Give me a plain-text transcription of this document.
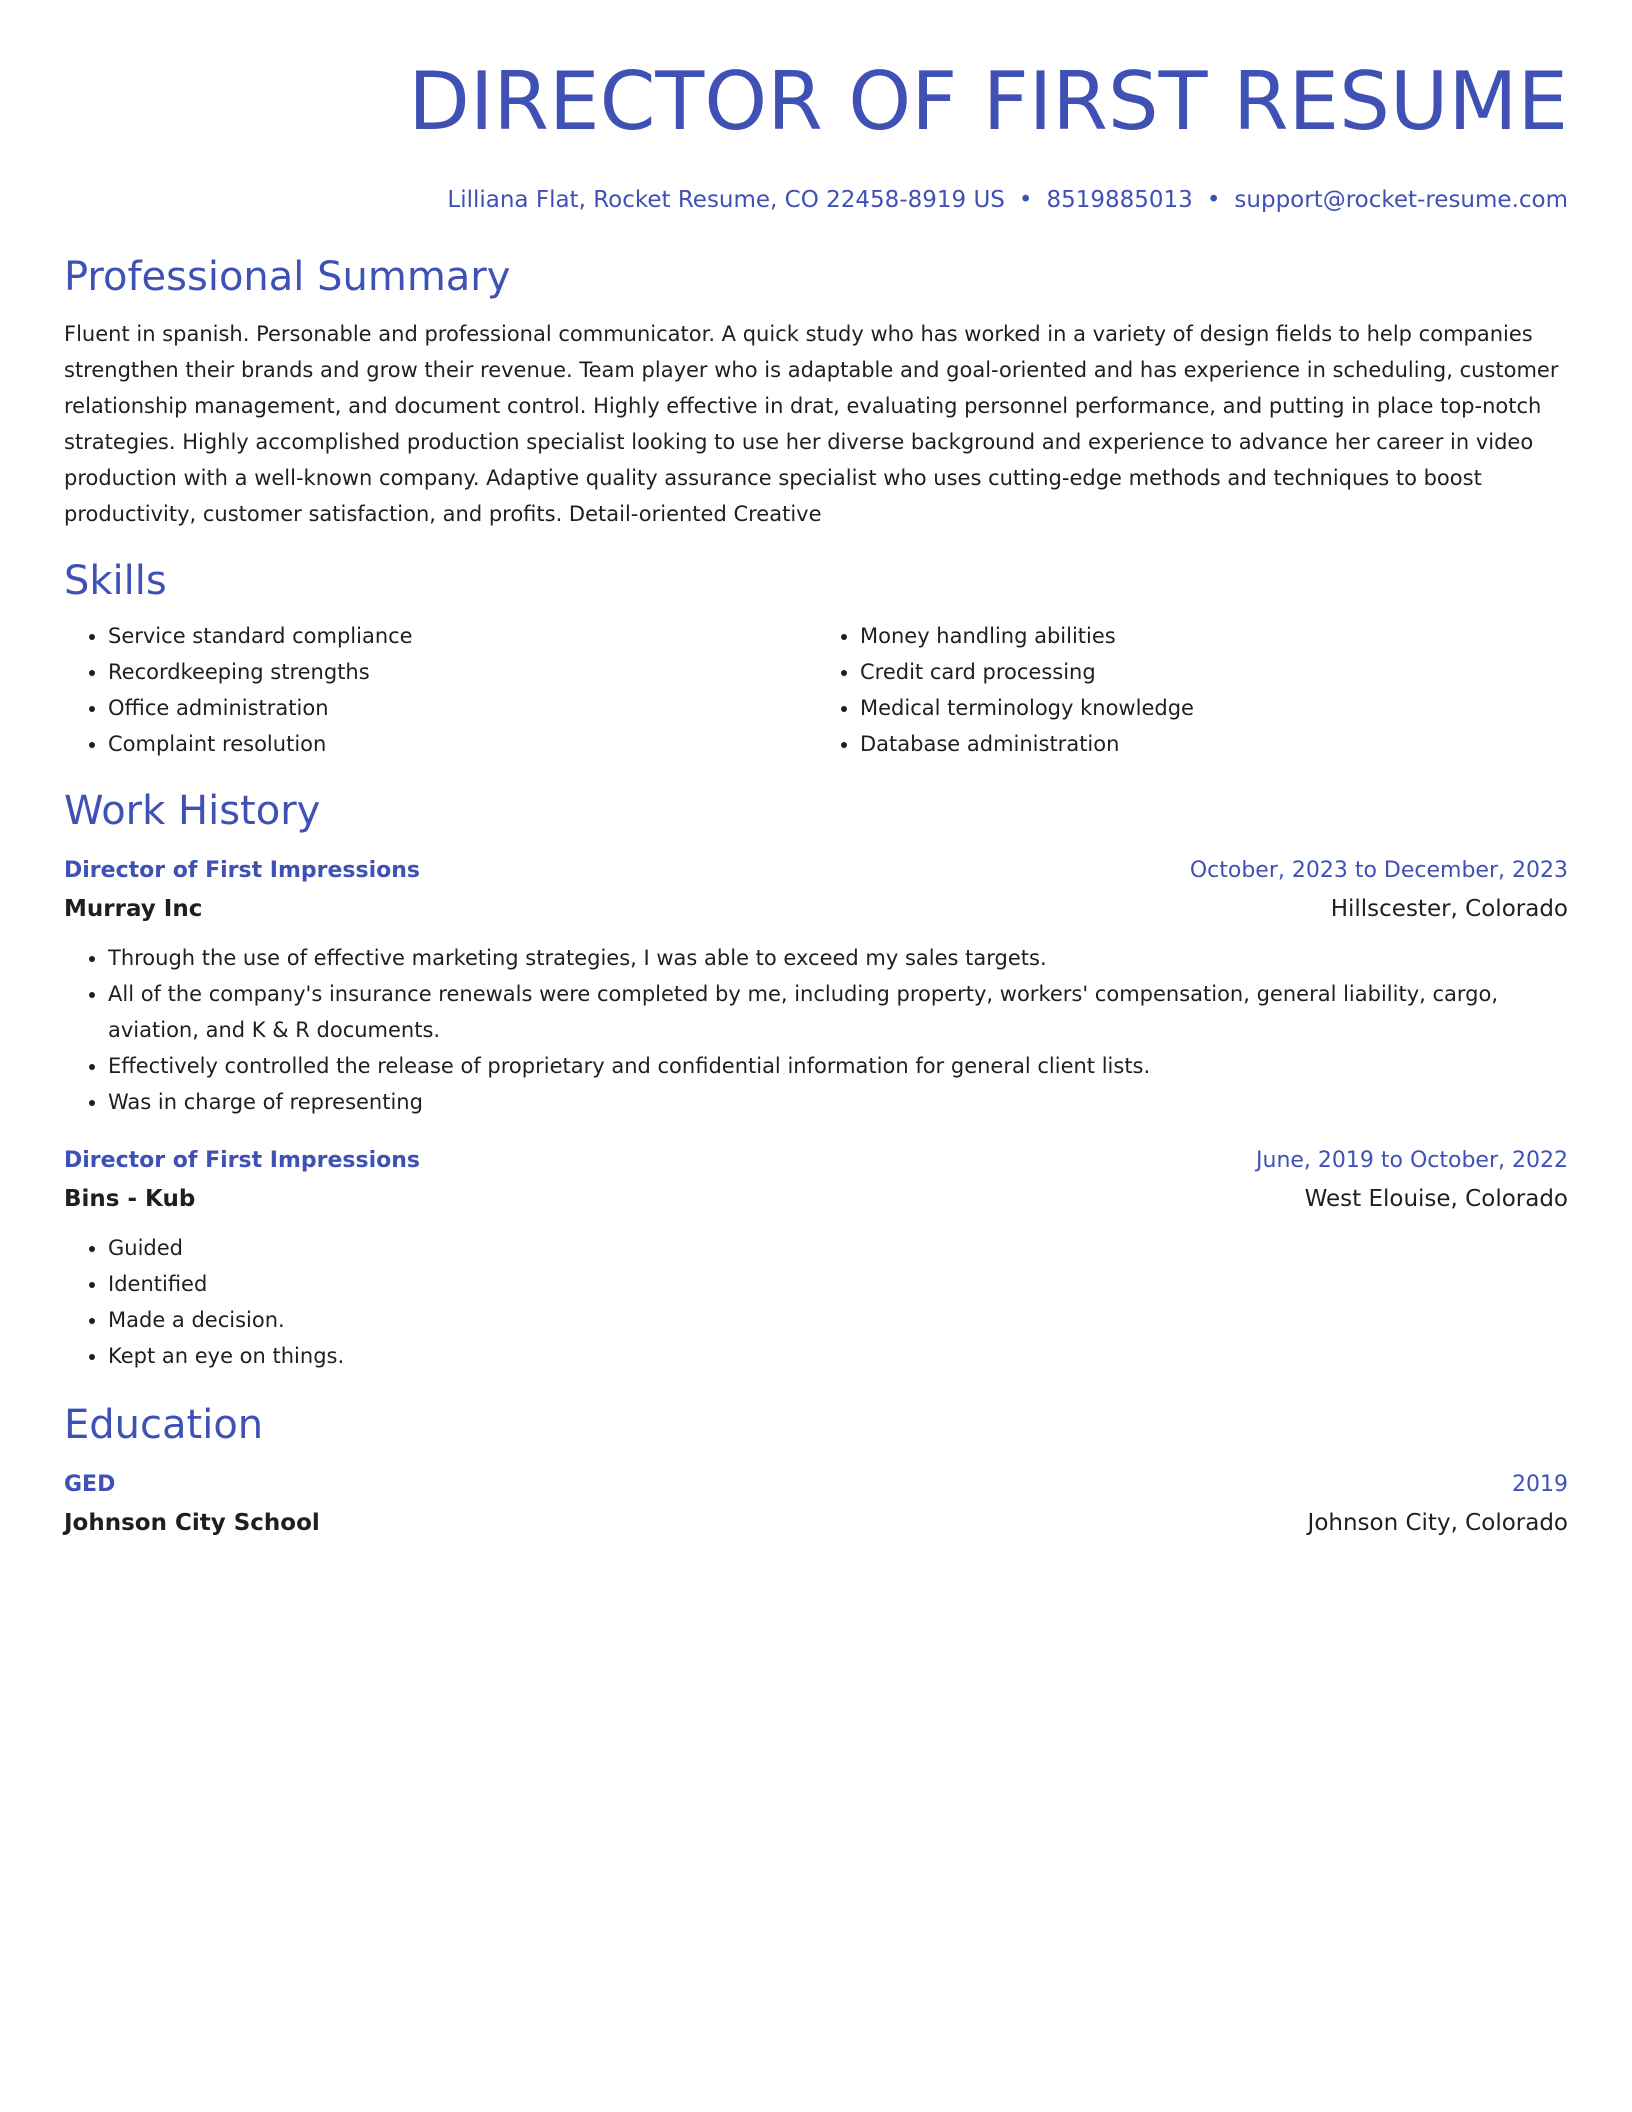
DIRECTOR OF FIRST RESUME
Lilliana Flat, Rocket Resume, CO 22458-8919 US • 8519885013 • support@rocket-resume.com
Professional Summary
Fluent in spanish. Personable and professional communicator. A quick study who has worked in a variety of design fields to help companies strengthen their brands and grow their revenue. Team player who is adaptable and goal-oriented and has experience in scheduling, customer relationship management, and document control. Highly effective in drat, evaluating personnel performance, and putting in place top-notch strategies. Highly accomplished production specialist looking to use her diverse background and experience to advance her career in video production with a well-known company. Adaptive quality assurance specialist who uses cutting-edge methods and techniques to boost productivity, customer satisfaction, and profits. Detail-oriented Creative
Skills
• Service standard compliance
• Recordkeeping strengths
• Office administration
• Complaint resolution
• Money handling abilities
• Credit card processing
• Medical terminology knowledge
• Database administration
Work History
Director of First Impressions	October, 2023 to December, 2023
Murray Inc	Hillscester, Colorado
• Through the use of effective marketing strategies, I was able to exceed my sales targets.
• All of the company's insurance renewals were completed by me, including property, workers' compensation, general liability, cargo, aviation, and K & R documents.
• Effectively controlled the release of proprietary and confidential information for general client lists.
• Was in charge of representing
Director of First Impressions	June, 2019 to October, 2022
Bins - Kub	West Elouise, Colorado
• Guided
• Identified
• Made a decision.
• Kept an eye on things.
Education
GED	2019
Johnson City School	Johnson City, Colorado
